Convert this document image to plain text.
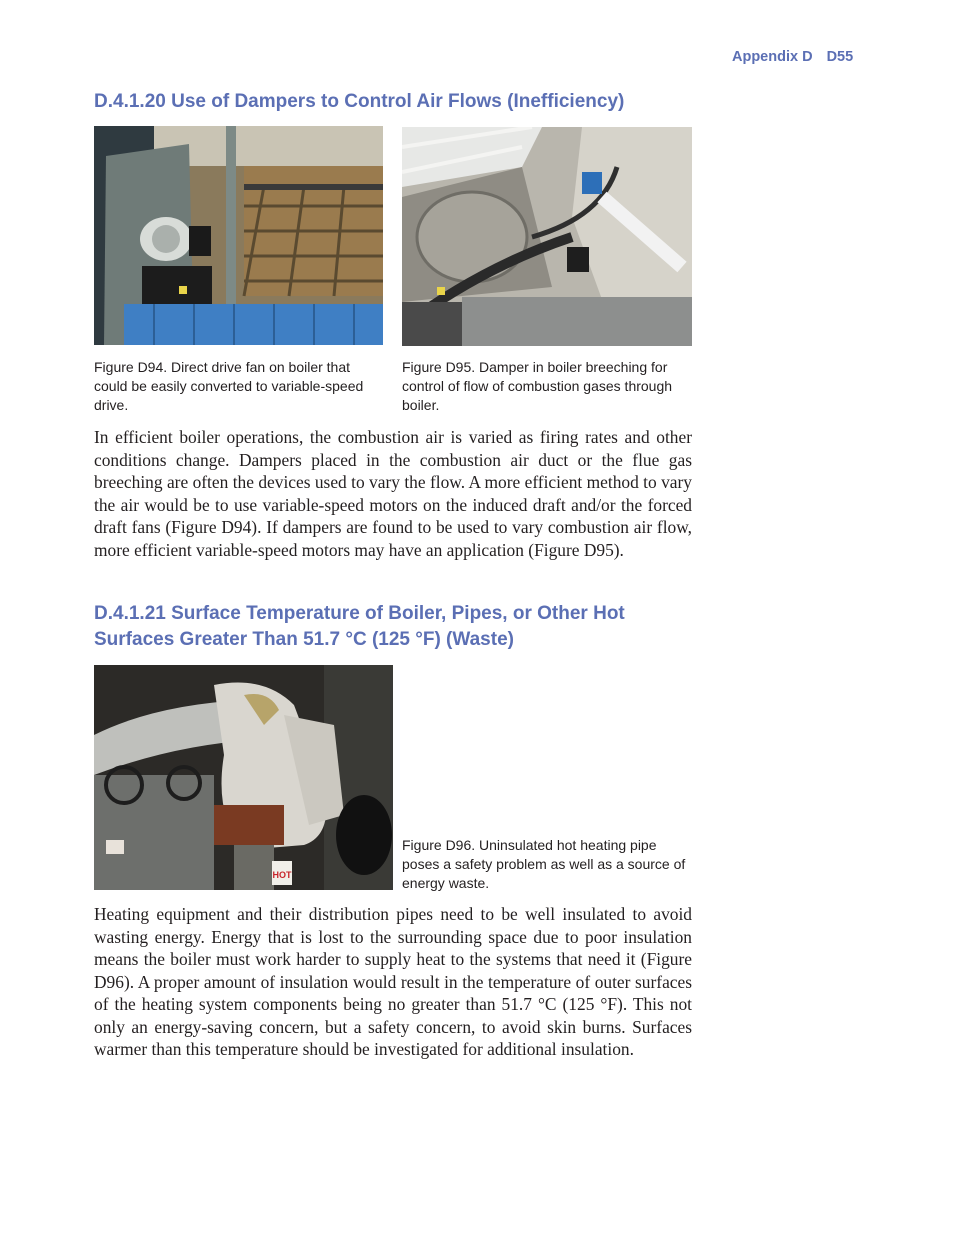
Appendix D D55
D.4.1.20 Use of Dampers to Control Air Flows (Inefficiency)
Figure D94. Direct drive fan on boiler that could be easily converted to variable-speed drive.
Figure D95. Damper in boiler breeching for control of flow of combustion gases through boiler.

In efficient boiler operations, the combustion air is varied as firing rates and other conditions change. Dampers placed in the combustion air duct or the flue gas breeching are often the devices used to vary the flow. A more efficient method to vary the air would be to use variable-speed motors on the induced draft and/or the forced draft fans (Figure D94). If dampers are found to be used to vary combustion air flow, more efficient variable-speed motors may have an application (Figure D95).

D.4.1.21 Surface Temperature of Boiler, Pipes, or Other Hot Surfaces Greater Than 51.7 °C (125 °F) (Waste)
HOT
Figure D96. Uninsulated hot heating pipe poses a safety problem as well as a source of energy waste.

Heating equipment and their distribution pipes need to be well insulated to avoid wasting energy. Energy that is lost to the surrounding space due to poor insulation means the boiler must work harder to supply heat to the systems that need it (Figure D96). A proper amount of insulation would result in the temperature of outer surfaces of the heating system components being no greater than 51.7 °C (125 °F). This not only an energy-saving concern, but a safety concern, to avoid skin burns. Surfaces warmer than this temperature should be investigated for additional insulation.
